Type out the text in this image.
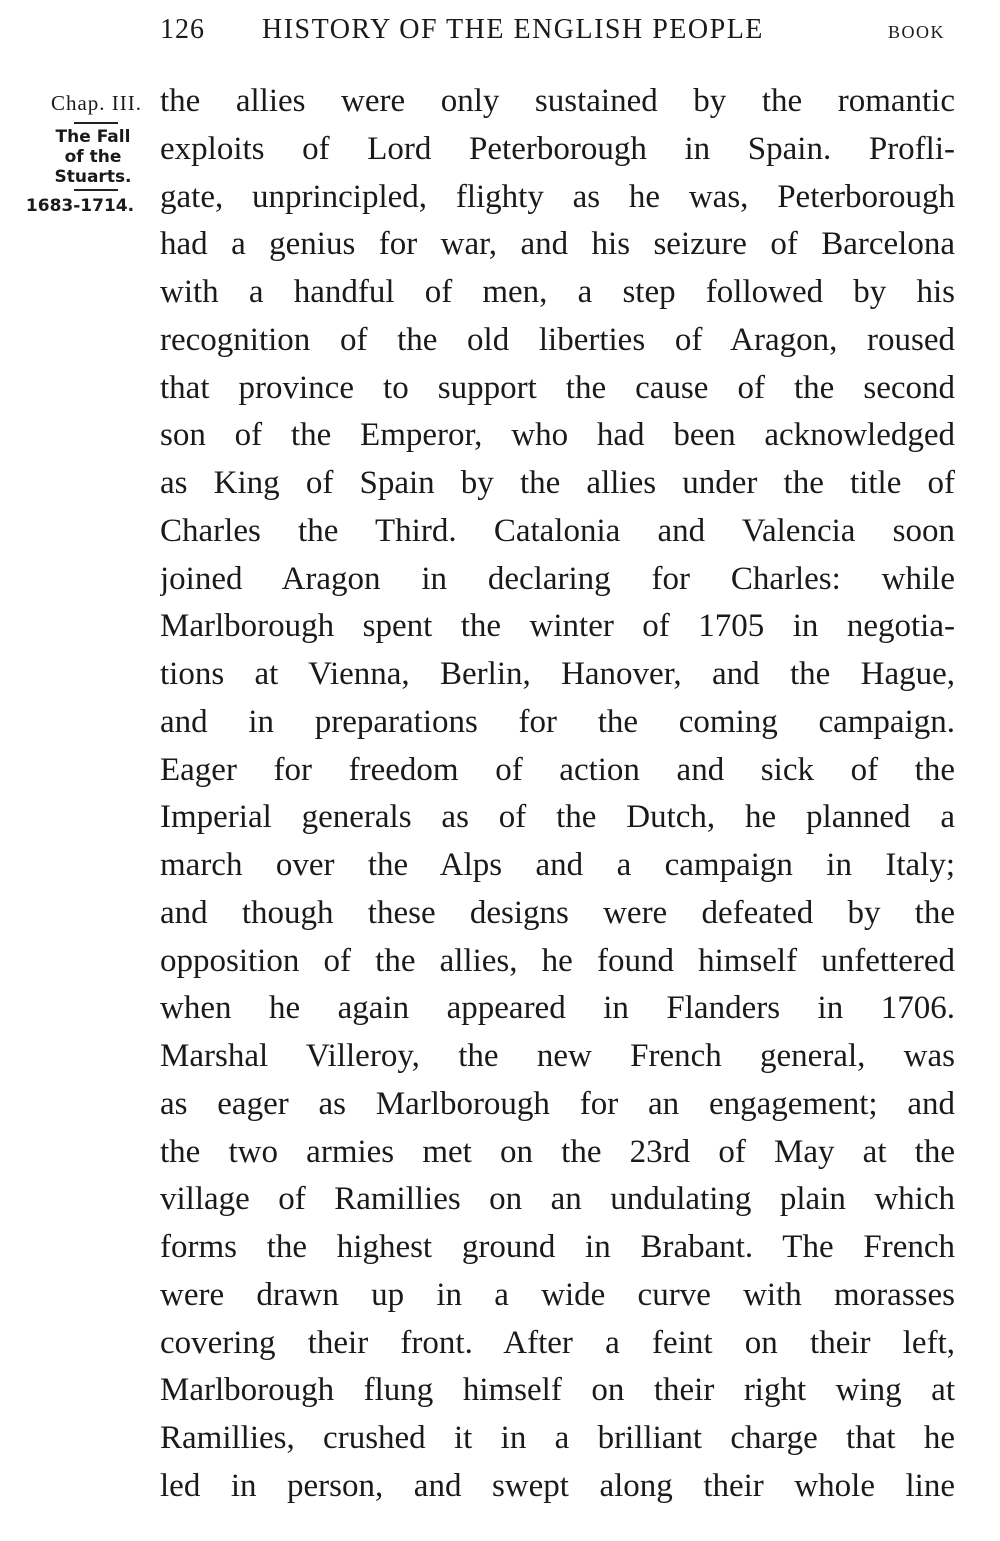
126 HISTORY OF THE ENGLISH PEOPLE	BOOK
Chap. III.
The Fall
of the
Stuarts.
1683-1714.
the allies were only sustained by the romantic
exploits of Lord Peterborough in Spain. Profli-
gate, unprincipled, flighty as he was, Peterborough
had a genius for war, and his seizure of Barcelona
with a handful of men, a step followed by his
recognition of the old liberties of Aragon, roused
that province to support the cause of the second
son of the Emperor, who had been acknowledged
as King of Spain by the allies under the title of
Charles the Third. Catalonia and Valencia soon
joined Aragon in declaring for Charles: while
Marlborough spent the winter of 1705 in negotia-
tions at Vienna, Berlin, Hanover, and the Hague,
and in preparations for the coming campaign.
Eager for freedom of action and sick of the
Imperial generals as of the Dutch, he planned a
march over the Alps and a campaign in Italy;
and though these designs were defeated by the
opposition of the allies, he found himself unfettered
when he again appeared in Flanders in 1706.
Marshal Villeroy, the new French general, was
as eager as Marlborough for an engagement; and
the two armies met on the 23rd of May at the
village of Ramillies on an undulating plain which
forms the highest ground in Brabant. The French
were drawn up in a wide curve with morasses
covering their front. After a feint on their left,
Marlborough flung himself on their right wing at
Ramillies, crushed it in a brilliant charge that he
led in person, and swept along their whole line
